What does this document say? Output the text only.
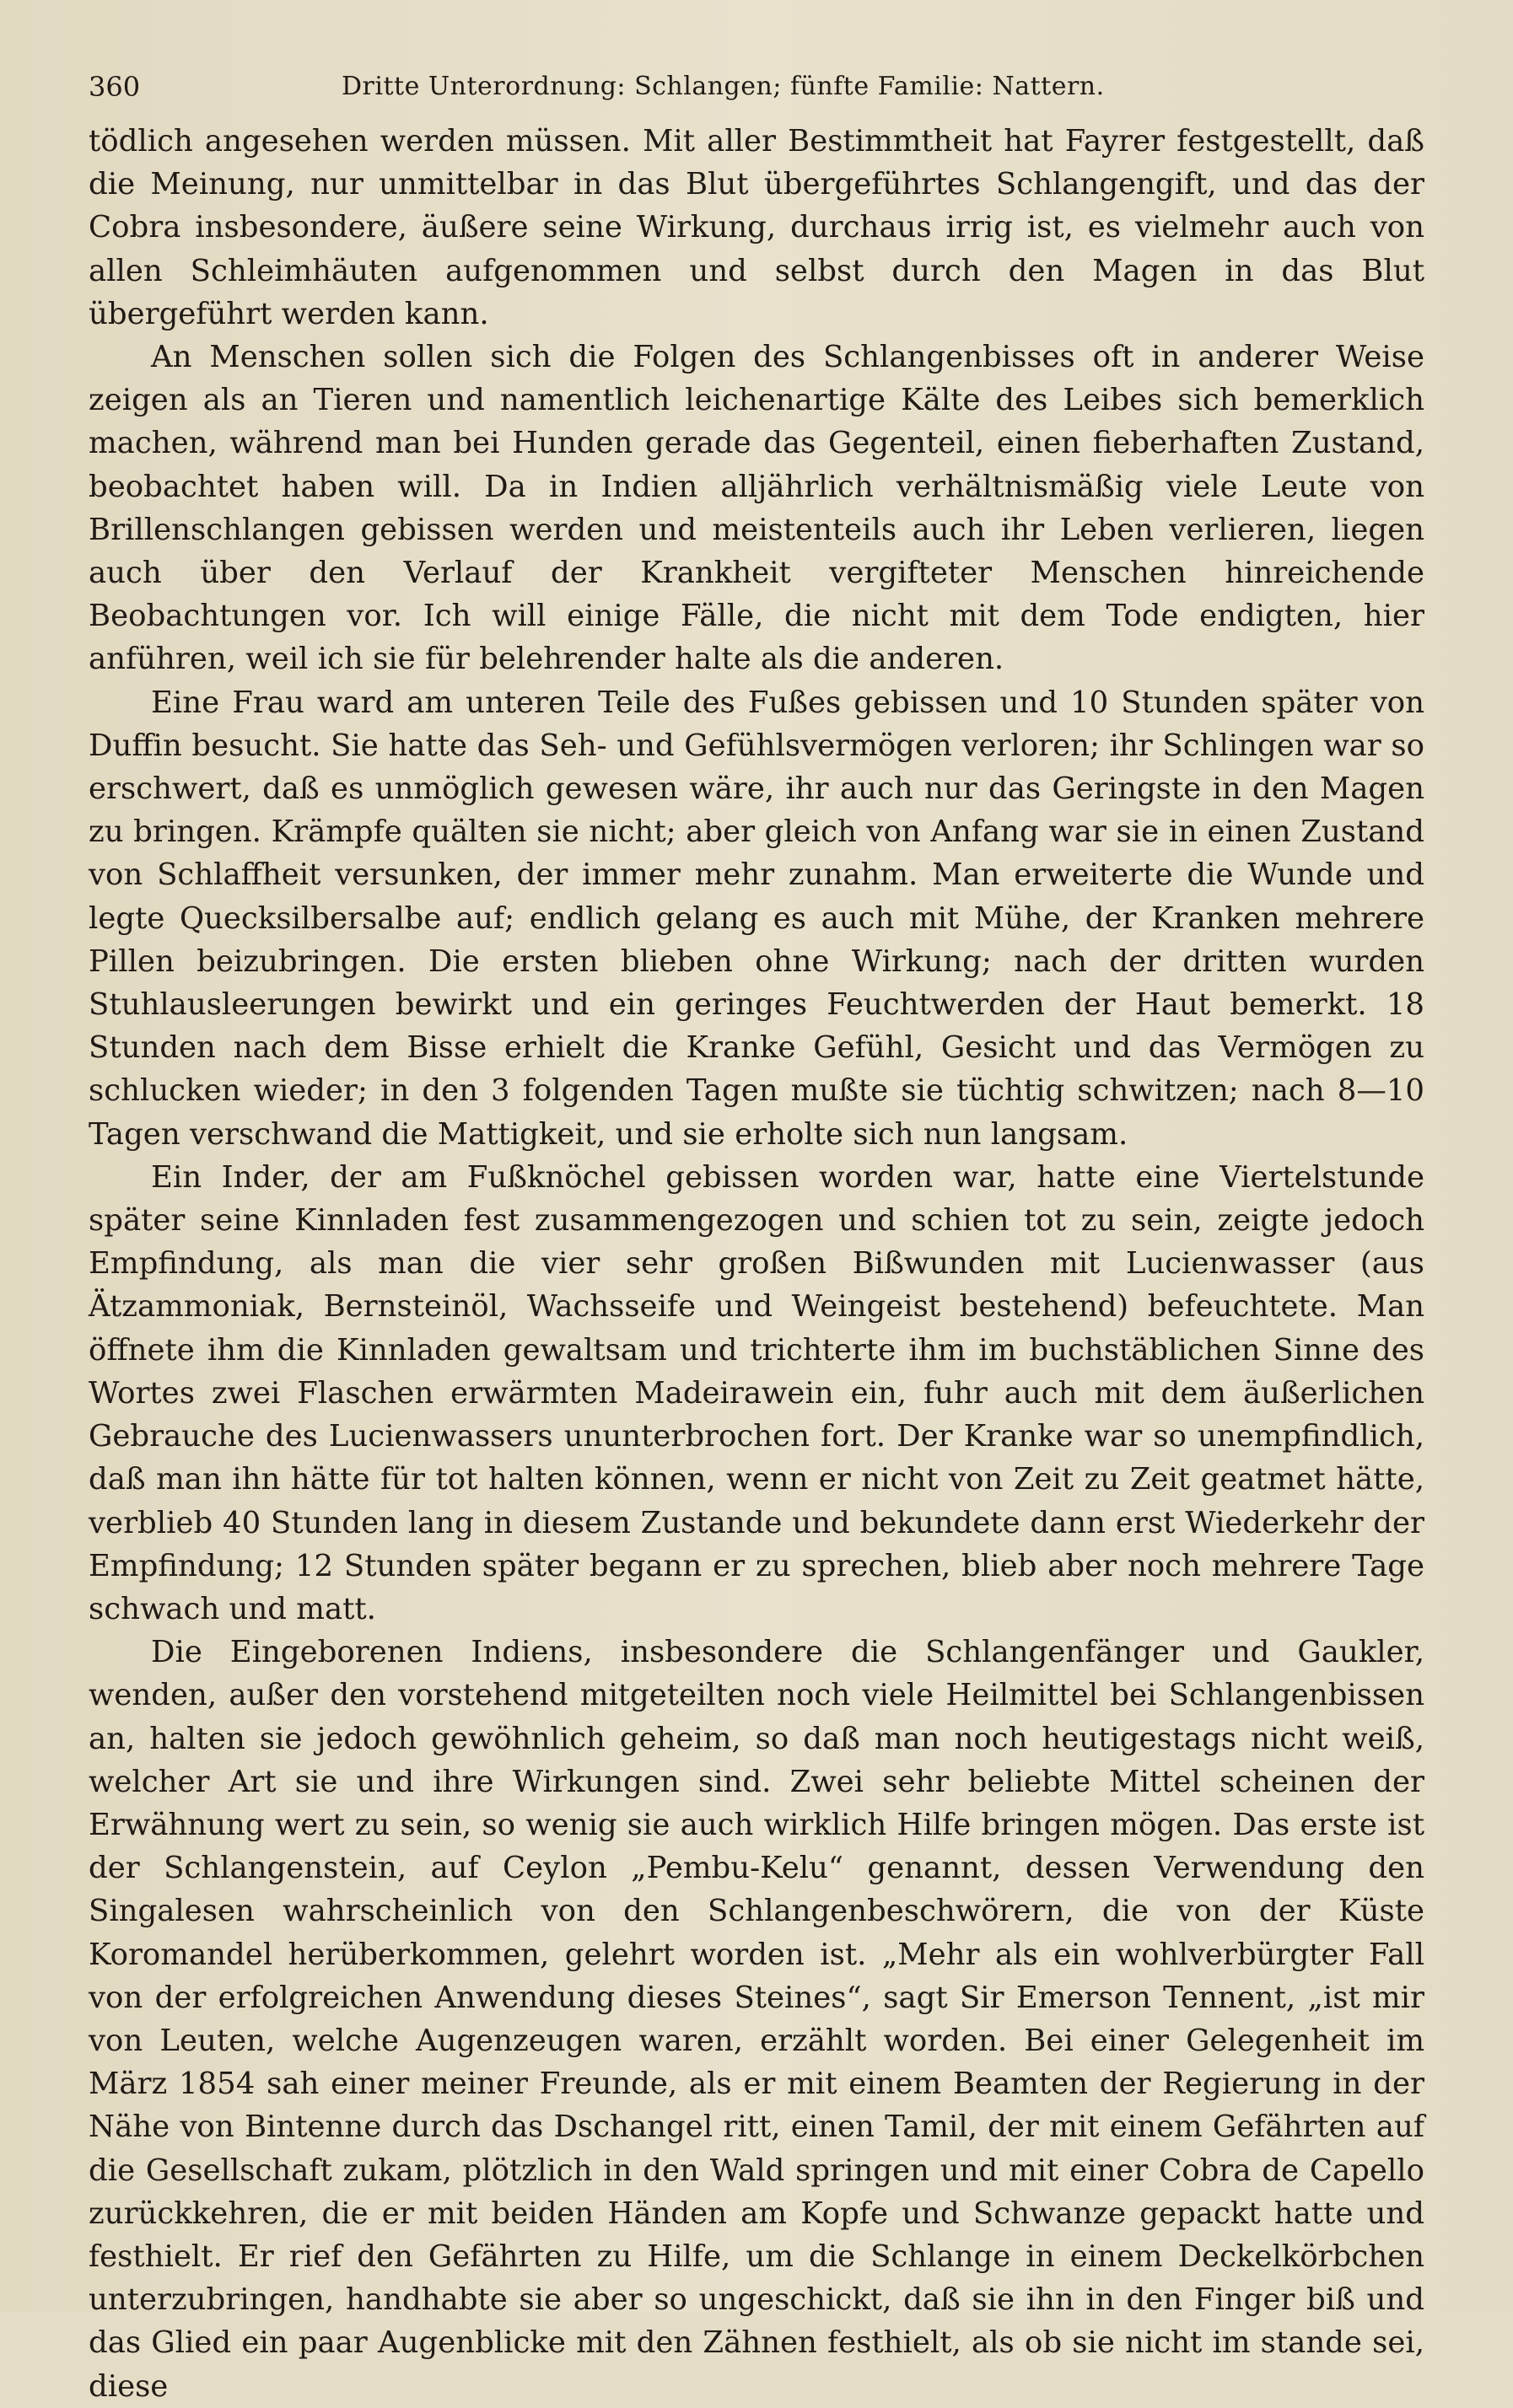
360	Dritte Unterordnung: Schlangen; fünfte Familie: Nattern.

tödlich angesehen werden müssen. Mit aller Bestimmtheit hat Fayrer festgestellt, daß die Meinung, nur unmittelbar in das Blut übergeführtes Schlangengift, und das der Cobra insbesondere, äußere seine Wirkung, durchaus irrig ist, es vielmehr auch von allen Schleimhäuten aufgenommen und selbst durch den Magen in das Blut übergeführt werden kann.

An Menschen sollen sich die Folgen des Schlangenbisses oft in anderer Weise zeigen als an Tieren und namentlich leichenartige Kälte des Leibes sich bemerklich machen, während man bei Hunden gerade das Gegenteil, einen fieberhaften Zustand, beobachtet haben will. Da in Indien alljährlich verhältnismäßig viele Leute von Brillenschlangen gebissen werden und meistenteils auch ihr Leben verlieren, liegen auch über den Verlauf der Krankheit vergifteter Menschen hinreichende Beobachtungen vor. Ich will einige Fälle, die nicht mit dem Tode endigten, hier anführen, weil ich sie für belehrender halte als die anderen.

Eine Frau ward am unteren Teile des Fußes gebissen und 10 Stunden später von Duffin besucht. Sie hatte das Seh- und Gefühlsvermögen verloren; ihr Schlingen war so erschwert, daß es unmöglich gewesen wäre, ihr auch nur das Geringste in den Magen zu bringen. Krämpfe quälten sie nicht; aber gleich von Anfang war sie in einen Zustand von Schlaffheit versunken, der immer mehr zunahm. Man erweiterte die Wunde und legte Quecksilbersalbe auf; endlich gelang es auch mit Mühe, der Kranken mehrere Pillen beizubringen. Die ersten blieben ohne Wirkung; nach der dritten wurden Stuhlausleerungen bewirkt und ein geringes Feuchtwerden der Haut bemerkt. 18 Stunden nach dem Bisse erhielt die Kranke Gefühl, Gesicht und das Vermögen zu schlucken wieder; in den 3 folgenden Tagen mußte sie tüchtig schwitzen; nach 8—10 Tagen verschwand die Mattigkeit, und sie erholte sich nun langsam.

Ein Inder, der am Fußknöchel gebissen worden war, hatte eine Viertelstunde später seine Kinnladen fest zusammengezogen und schien tot zu sein, zeigte jedoch Empfindung, als man die vier sehr großen Bißwunden mit Lucienwasser (aus Ätzammoniak, Bernsteinöl, Wachsseife und Weingeist bestehend) befeuchtete. Man öffnete ihm die Kinnladen gewaltsam und trichterte ihm im buchstäblichen Sinne des Wortes zwei Flaschen erwärmten Madeirawein ein, fuhr auch mit dem äußerlichen Gebrauche des Lucienwassers ununterbrochen fort. Der Kranke war so unempfindlich, daß man ihn hätte für tot halten können, wenn er nicht von Zeit zu Zeit geatmet hätte, verblieb 40 Stunden lang in diesem Zustande und bekundete dann erst Wiederkehr der Empfindung; 12 Stunden später begann er zu sprechen, blieb aber noch mehrere Tage schwach und matt.

Die Eingeborenen Indiens, insbesondere die Schlangenfänger und Gaukler, wenden, außer den vorstehend mitgeteilten noch viele Heilmittel bei Schlangenbissen an, halten sie jedoch gewöhnlich geheim, so daß man noch heutigestags nicht weiß, welcher Art sie und ihre Wirkungen sind. Zwei sehr beliebte Mittel scheinen der Erwähnung wert zu sein, so wenig sie auch wirklich Hilfe bringen mögen. Das erste ist der Schlangenstein, auf Ceylon „Pembu-Kelu“ genannt, dessen Verwendung den Singalesen wahrscheinlich von den Schlangenbeschwörern, die von der Küste Koromandel herüberkommen, gelehrt worden ist. „Mehr als ein wohlverbürgter Fall von der erfolgreichen Anwendung dieses Steines“, sagt Sir Emerson Tennent, „ist mir von Leuten, welche Augenzeugen waren, erzählt worden. Bei einer Gelegenheit im März 1854 sah einer meiner Freunde, als er mit einem Beamten der Regierung in der Nähe von Bintenne durch das Dschangel ritt, einen Tamil, der mit einem Gefährten auf die Gesellschaft zukam, plötzlich in den Wald springen und mit einer Cobra de Capello zurückkehren, die er mit beiden Händen am Kopfe und Schwanze gepackt hatte und festhielt. Er rief den Gefährten zu Hilfe, um die Schlange in einem Deckelkörbchen unterzubringen, handhabte sie aber so ungeschickt, daß sie ihn in den Finger biß und das Glied ein paar Augenblicke mit den Zähnen festhielt, als ob sie nicht im stande sei, diese
